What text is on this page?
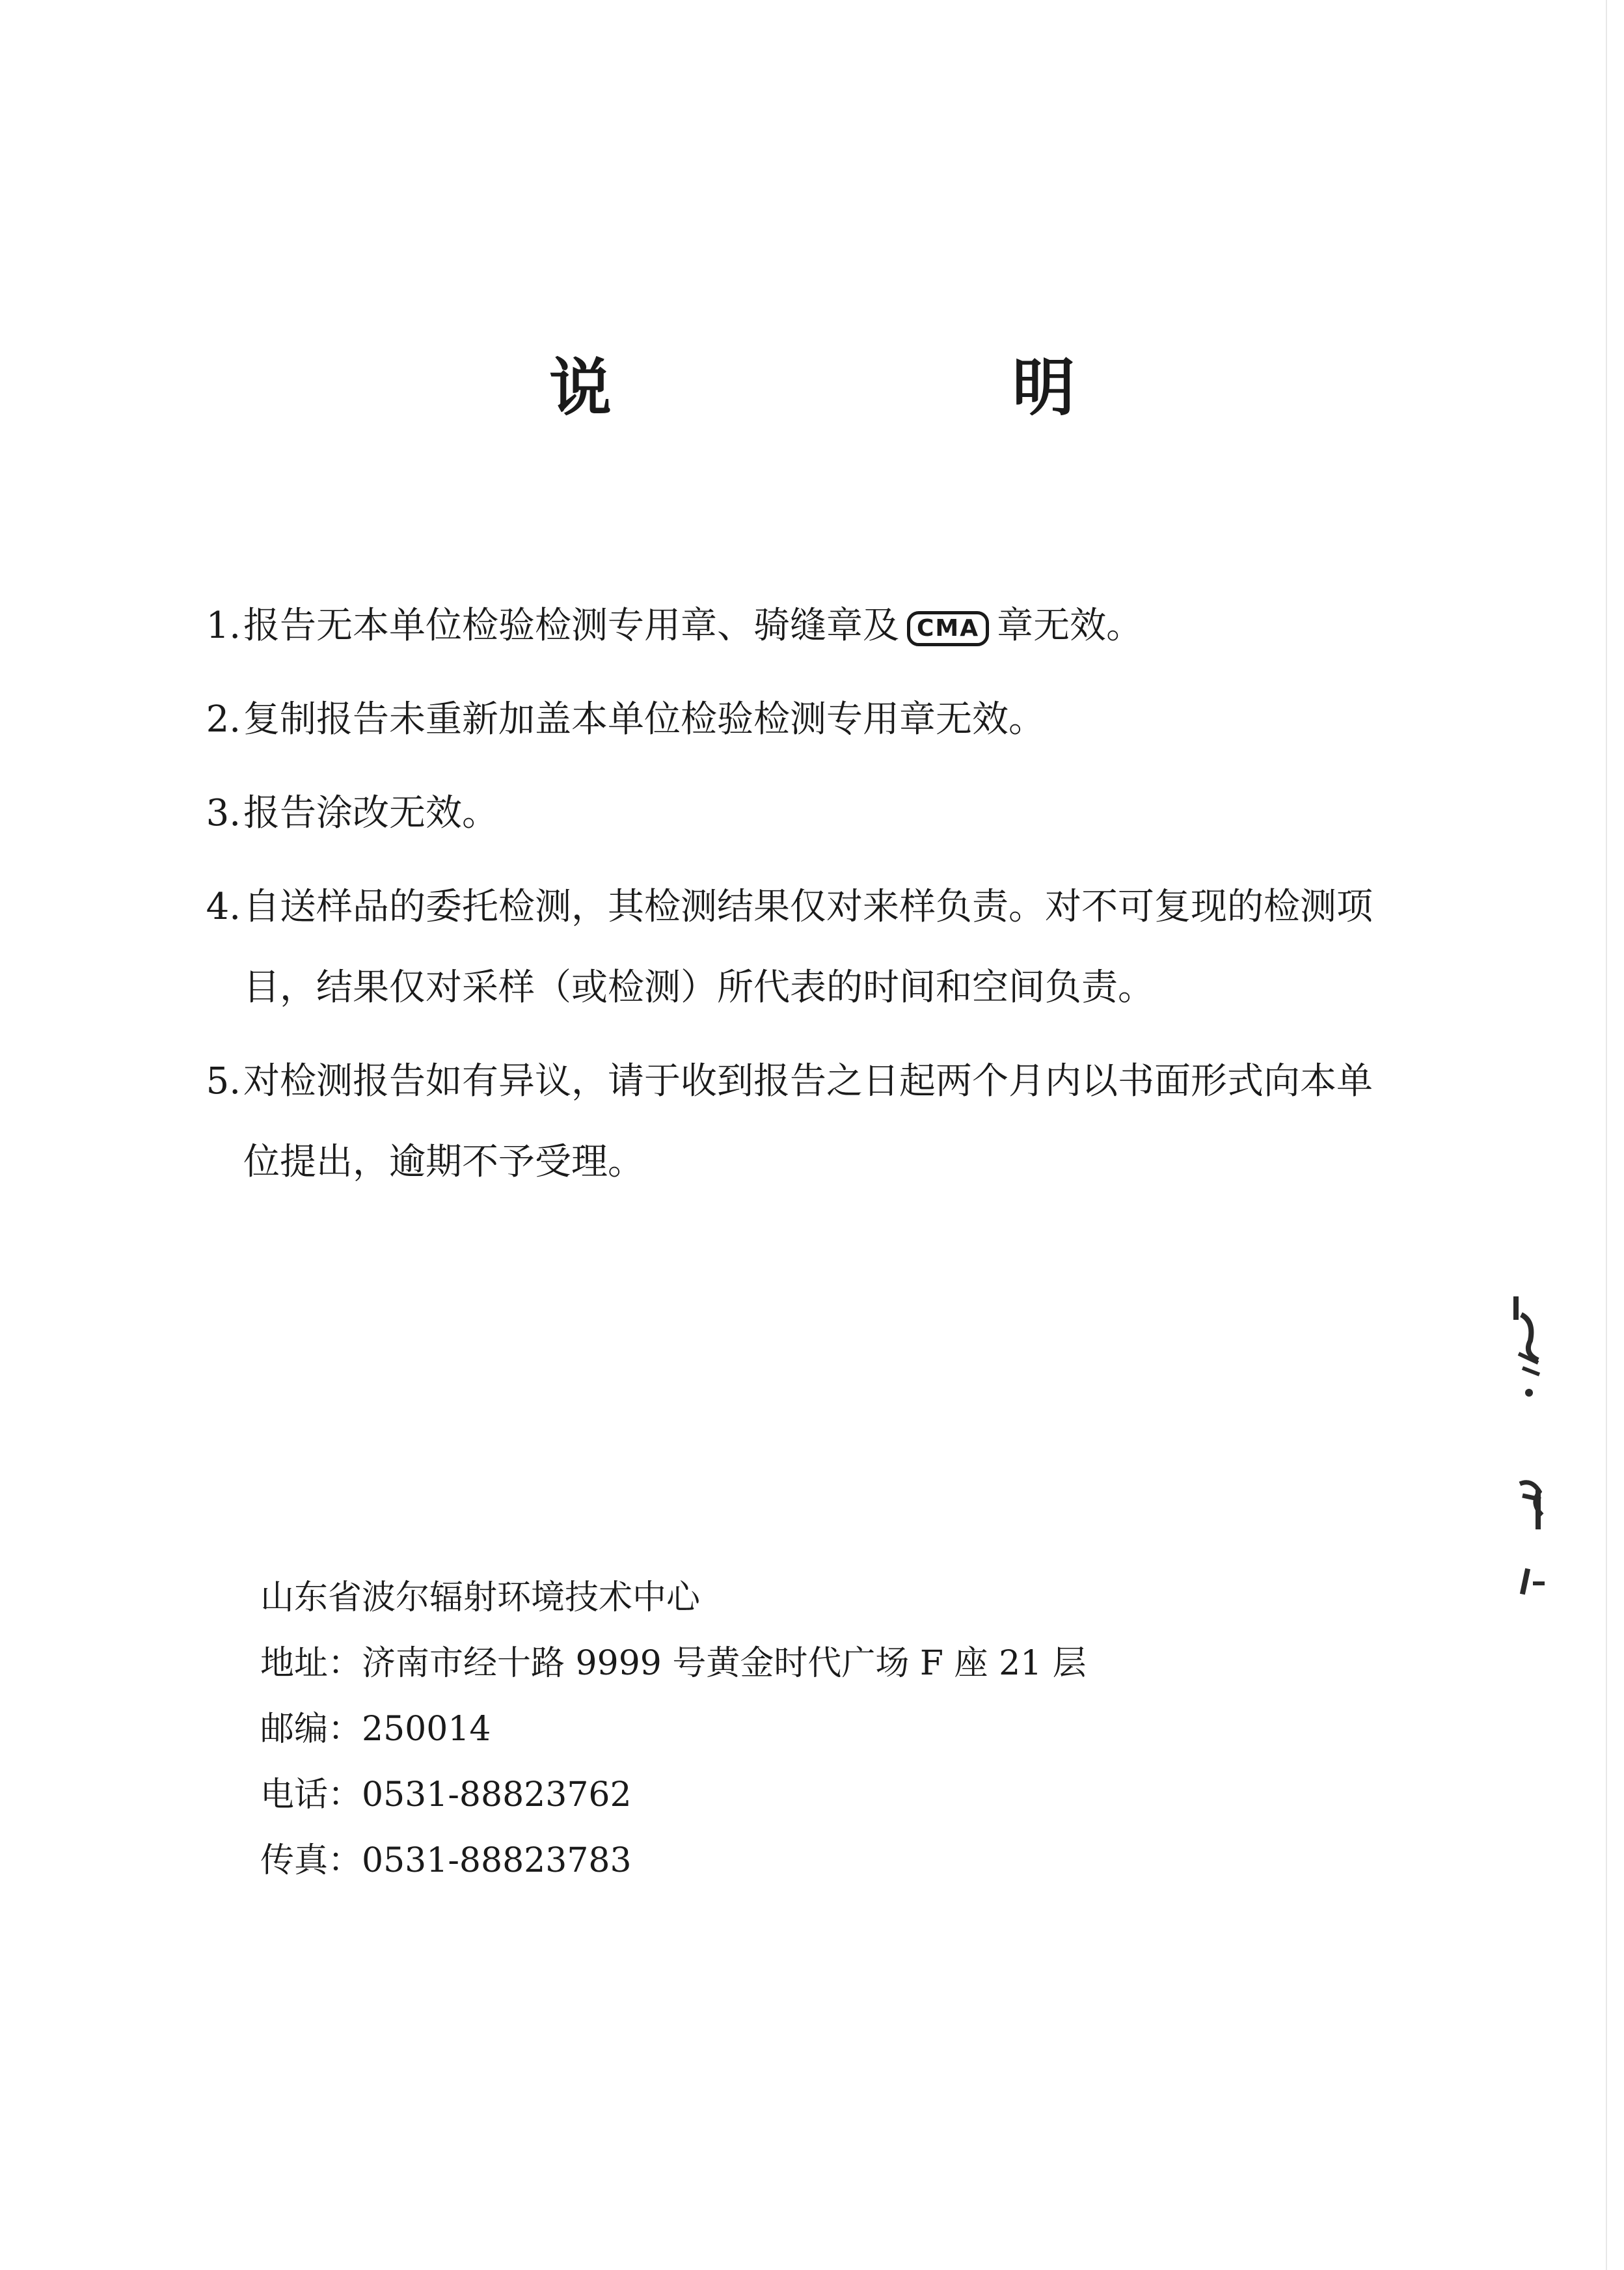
说　明
1. 报告无本单位检验检测专用章、骑缝章及 CMA 章无效。
2. 复制报告未重新加盖本单位检验检测专用章无效。
3. 报告涂改无效。
4. 自送样品的委托检测，其检测结果仅对来样负责。对不可复现的检测项目，结果仅对采样（或检测）所代表的时间和空间负责。
5. 对检测报告如有异议，请于收到报告之日起两个月内以书面形式向本单位提出，逾期不予受理。
山东省波尔辐射环境技术中心
地址：济南市经十路 9999 号黄金时代广场 F 座 21 层
邮编：250014
电话：0531-88823762
传真：0531-88823783
